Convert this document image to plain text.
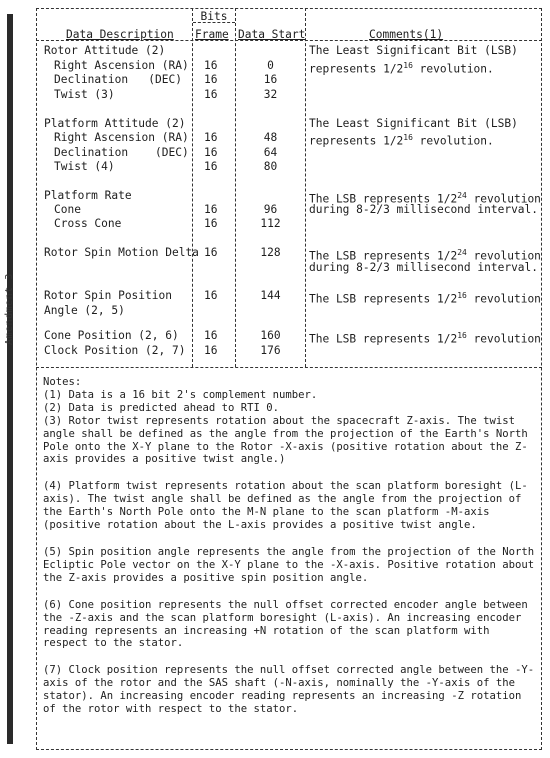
Amendment 3
Bits
Data Description Frame Data Start	Comments(1)
Rotor Attitude (2)
Right Ascension (RA) 16	0
Declination   (DEC) 16	16
Twist (3)	16	32
The Least Significant Bit (LSB)
represents $1/2^{16}$ revolution.
Platform Attitude (2)
Right Ascension (RA) 16	48
Declination    (DEC) 16	64
Twist (4)	16	80
The Least Significant Bit (LSB)
represents $1/2^{16}$ revolution.
Platform Rate
Cone	16	96
Cross Cone	16	112
The LSB represents $1/2^{24}$ revolution
during 8-2/3 millisecond interval.
Rotor Spin Motion Delta 16	128	The LSB represents $1/2^{24}$ revolution
during 8-2/3 millisecond interval.
Rotor Spin Position
Angle (2, 5)
16	144	The LSB represents $1/2^{16}$ revolution
Cone Position (2, 6) 16	160
Clock Position (2, 7) 16	176
The LSB represents $1/2^{16}$ revolution

Notes:

(1) Data is a 16 bit 2's complement number.

(2) Data is predicted ahead to RTI 0.

(3) Rotor twist represents rotation about the spacecraft Z-axis. The twist angle shall be defined as the angle from the projection of the Earth's North Pole onto the X-Y plane to the Rotor -X-axis (positive rotation about the Z-axis provides a positive twist angle.)

(4) Platform twist represents rotation about the scan platform boresight (L-axis). The twist angle shall be defined as the angle from the projection of the Earth's North Pole onto the M-N plane to the scan platform -M-axis (positive rotation about the L-axis provides a positive twist angle.

(5) Spin position angle represents the angle from the projection of the North Ecliptic Pole vector on the X-Y plane to the -X-axis. Positive rotation about the Z-axis provides a positive spin position angle.

(6) Cone position represents the null offset corrected encoder angle between the -Z-axis and the scan platform boresight (L-axis). An increasing encoder reading represents an increasing +N rotation of the scan platform with respect to the stator.

(7) Clock position represents the null offset corrected angle between the -Y-axis of the rotor and the SAS shaft (-N-axis, nominally the -Y-axis of the stator). An increasing encoder reading represents an increasing -Z rotation of the rotor with respect to the stator.
